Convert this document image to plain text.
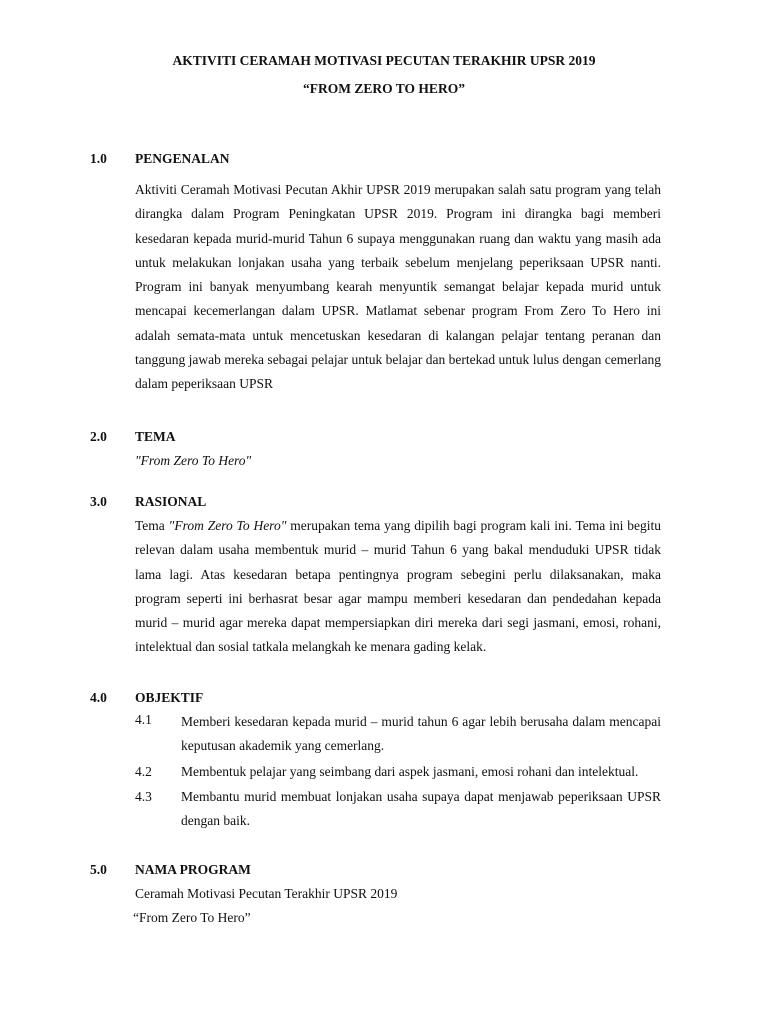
AKTIVITI CERAMAH MOTIVASI PECUTAN TERAKHIR UPSR 2019
“FROM ZERO TO HERO”
1.0 PENGENALAN
Aktiviti Ceramah Motivasi Pecutan Akhir UPSR 2019 merupakan salah satu program yang telah dirangka dalam Program Peningkatan UPSR 2019. Program ini dirangka bagi memberi kesedaran kepada murid-murid Tahun 6 supaya menggunakan ruang dan waktu yang masih ada untuk melakukan lonjakan usaha yang terbaik sebelum menjelang peperiksaan UPSR nanti. Program ini banyak menyumbang kearah menyuntik semangat belajar kepada murid untuk mencapai kecemerlangan dalam UPSR. Matlamat sebenar program From Zero To Hero ini adalah semata-mata untuk mencetuskan kesedaran di kalangan pelajar tentang peranan dan tanggung jawab mereka sebagai pelajar untuk belajar dan bertekad untuk lulus dengan cemerlang dalam peperiksaan UPSR
2.0 TEMA
"From Zero To Hero"
3.0 RASIONAL
Tema "From Zero To Hero" merupakan tema yang dipilih bagi program kali ini. Tema ini begitu relevan dalam usaha membentuk murid – murid Tahun 6 yang bakal menduduki UPSR tidak lama lagi. Atas kesedaran betapa pentingnya program sebegini perlu dilaksanakan, maka program seperti ini berhasrat besar agar mampu memberi kesedaran dan pendedahan kepada murid – murid agar mereka dapat mempersiapkan diri mereka dari segi jasmani, emosi, rohani, intelektual dan sosial tatkala melangkah ke menara gading kelak.
4.0 OBJEKTIF
4.1 Memberi kesedaran kepada murid – murid tahun 6 agar lebih berusaha dalam mencapai keputusan akademik yang cemerlang.
4.2 Membentuk pelajar yang seimbang dari aspek jasmani, emosi rohani dan intelektual.
4.3 Membantu murid membuat lonjakan usaha supaya dapat menjawab peperiksaan UPSR dengan baik.
5.0 NAMA PROGRAM
Ceramah Motivasi Pecutan Terakhir UPSR 2019
“From Zero To Hero”
